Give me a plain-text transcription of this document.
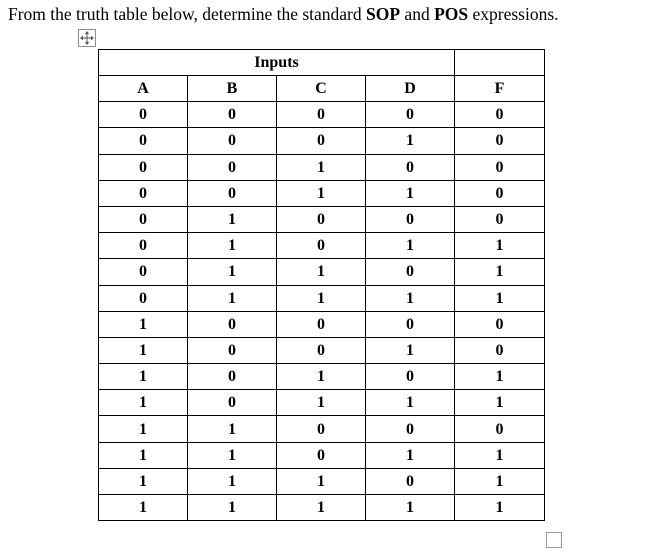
From the truth table below, determine the standard SOP and POS expressions.
Inputs				
A	B	C	D	F
0	0	0	0	0
0	0	0	1	0
0	0	1	0	0
0	0	1	1	0
0	1	0	0	0
0	1	0	1	1
0	1	1	0	1
0	1	1	1	1
1	0	0	0	0
1	0	0	1	0
1	0	1	0	1
1	0	1	1	1
1	1	0	0	0
1	1	0	1	1
1	1	1	0	1
1	1	1	1	1
